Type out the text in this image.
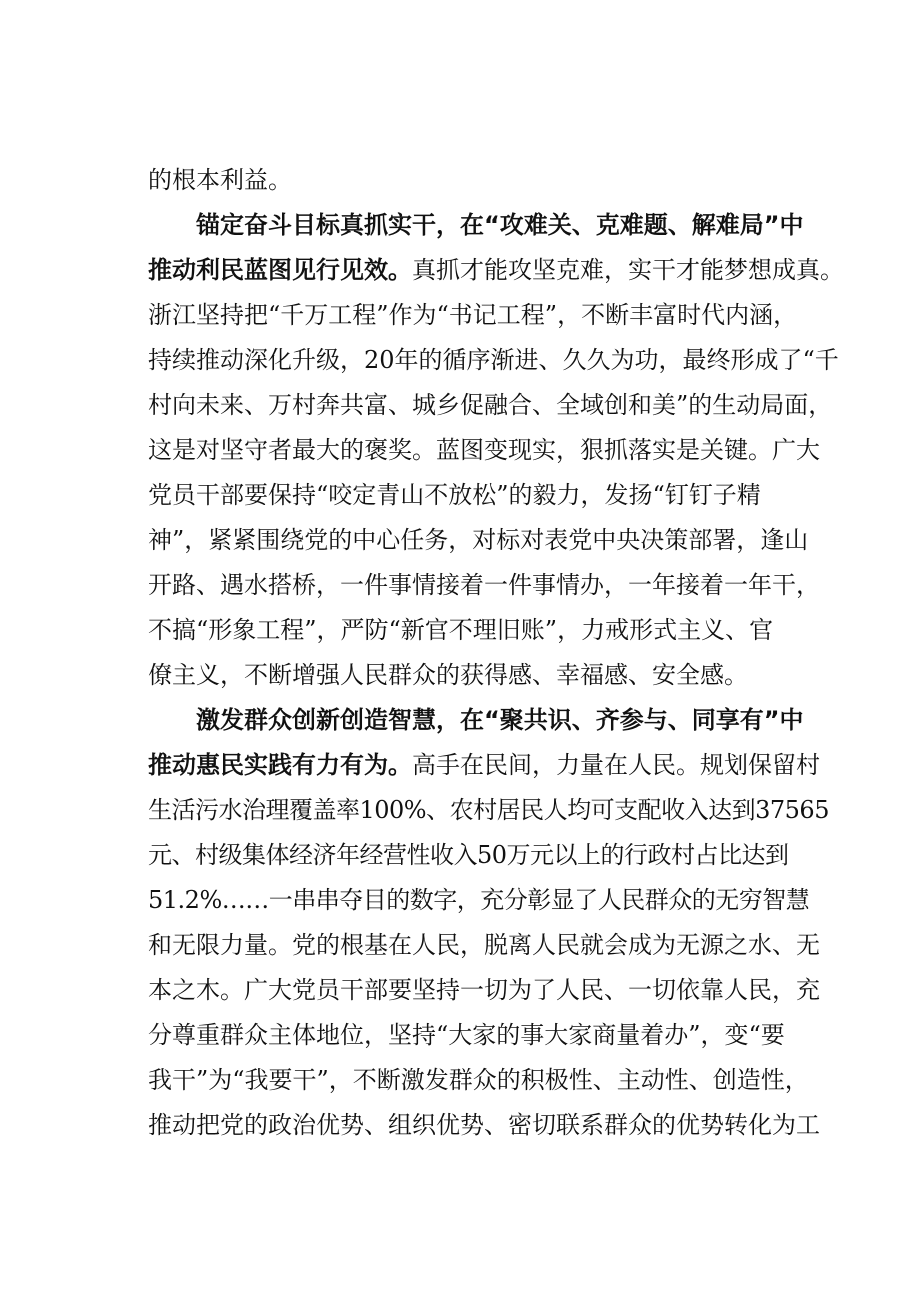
的根本利益。
锚定奋斗目标真抓实干，在“攻难关、克难题、解难局”中
推动利民蓝图见行见效。真抓才能攻坚克难，实干才能梦想成真。
浙江坚持把“千万工程”作为“书记工程”，不断丰富时代内涵，
持续推动深化升级，20年的循序渐进、久久为功，最终形成了“千
村向未来、万村奔共富、城乡促融合、全域创和美”的生动局面，
这是对坚守者最大的褒奖。蓝图变现实，狠抓落实是关键。广大
党员干部要保持“咬定青山不放松”的毅力，发扬“钉钉子精
神”，紧紧围绕党的中心任务，对标对表党中央决策部署，逢山
开路、遇水搭桥，一件事情接着一件事情办，一年接着一年干，
不搞“形象工程”，严防“新官不理旧账”，力戒形式主义、官
僚主义，不断增强人民群众的获得感、幸福感、安全感。
激发群众创新创造智慧，在“聚共识、齐参与、同享有”中
推动惠民实践有力有为。高手在民间，力量在人民。规划保留村
生活污水治理覆盖率100%、农村居民人均可支配收入达到37565
元、村级集体经济年经营性收入50万元以上的行政村占比达到
51.2%……一串串夺目的数字，充分彰显了人民群众的无穷智慧
和无限力量。党的根基在人民，脱离人民就会成为无源之水、无
本之木。广大党员干部要坚持一切为了人民、一切依靠人民，充
分尊重群众主体地位，坚持“大家的事大家商量着办”，变“要
我干”为“我要干”，不断激发群众的积极性、主动性、创造性，
推动把党的政治优势、组织优势、密切联系群众的优势转化为工
